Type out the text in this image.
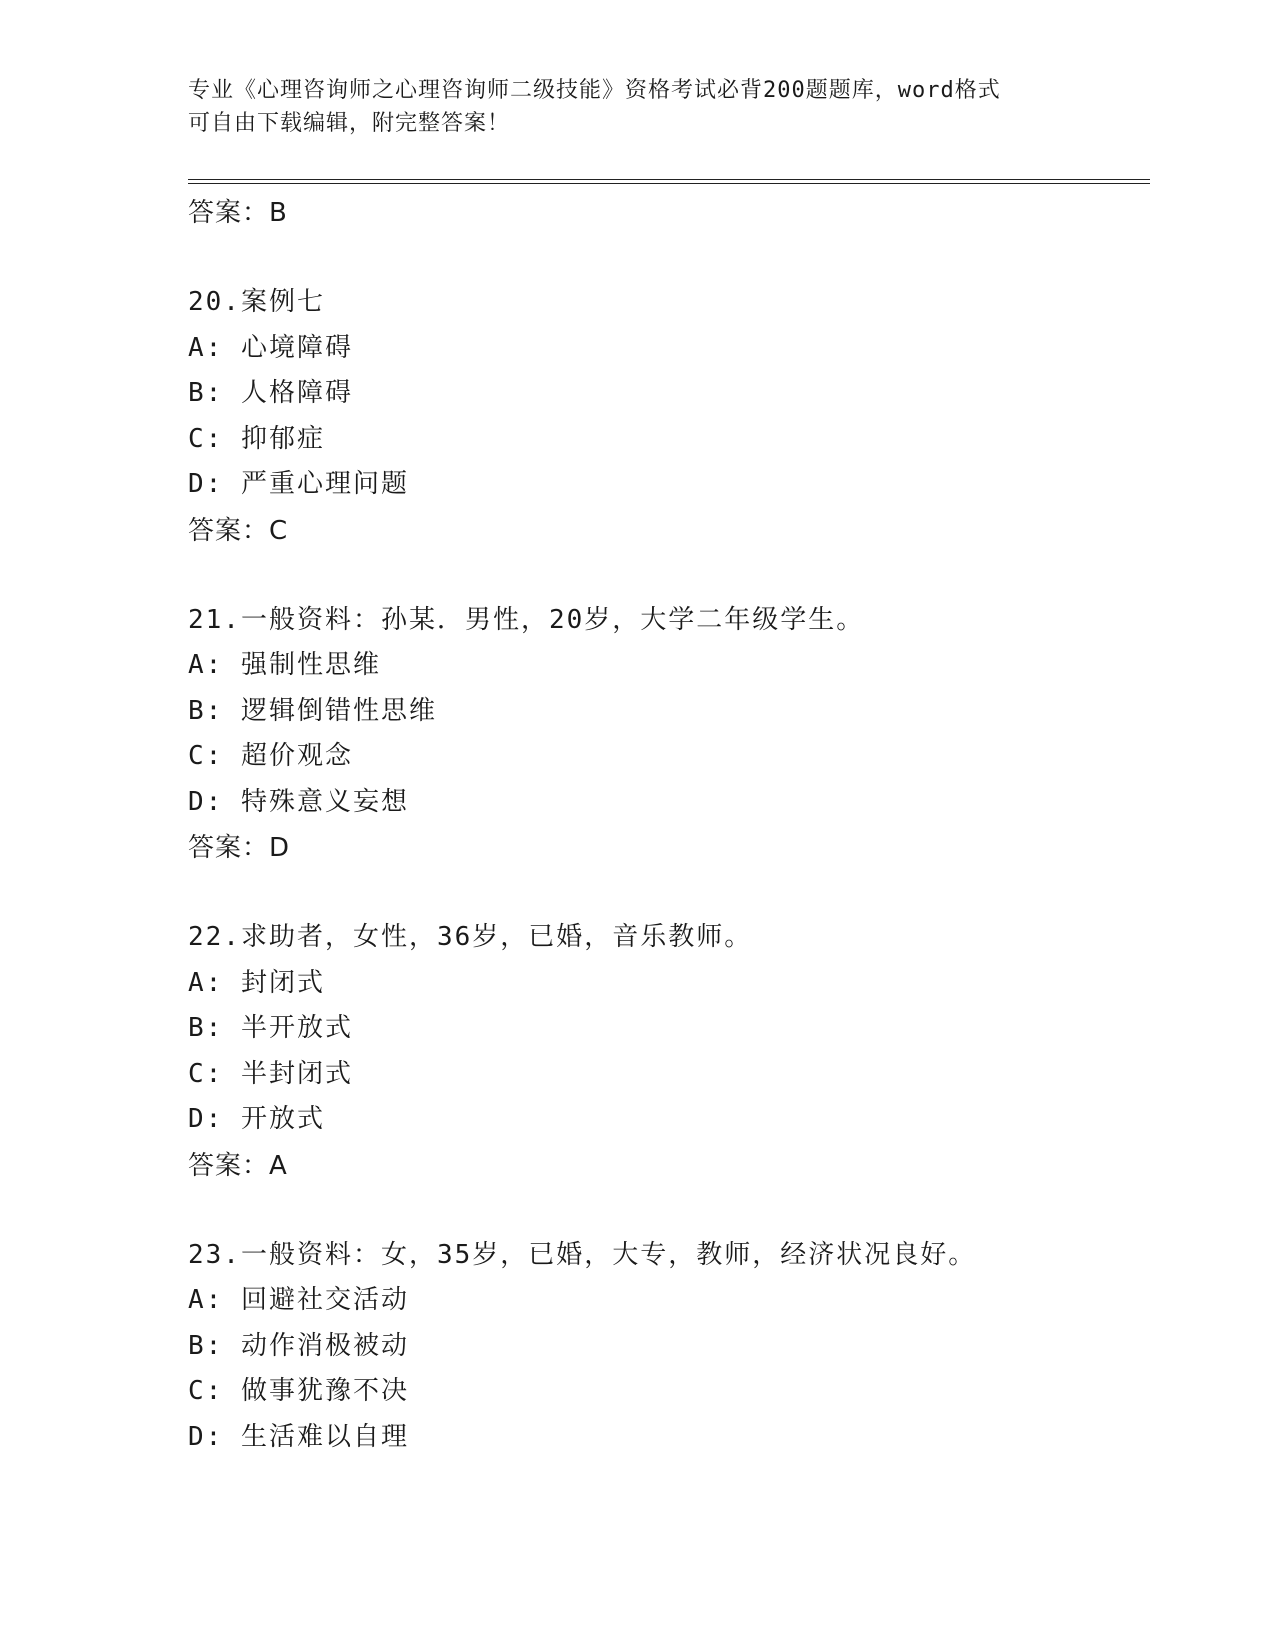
专业《心理咨询师之心理咨询师二级技能》资格考试必背200题题库，word格式
可自由下载编辑，附完整答案！
答案：B
20.案例七
A: 心境障碍
B: 人格障碍
C: 抑郁症
D: 严重心理问题
答案：C
21.一般资料：孙某．男性，20岁，大学二年级学生。
A: 强制性思维
B: 逻辑倒错性思维
C: 超价观念
D: 特殊意义妄想
答案：D
22.求助者，女性，36岁，已婚，音乐教师。
A: 封闭式
B: 半开放式
C: 半封闭式
D: 开放式
答案：A
23.一般资料：女，35岁，已婚，大专，教师，经济状况良好。
A: 回避社交活动
B: 动作消极被动
C: 做事犹豫不决
D: 生活难以自理
